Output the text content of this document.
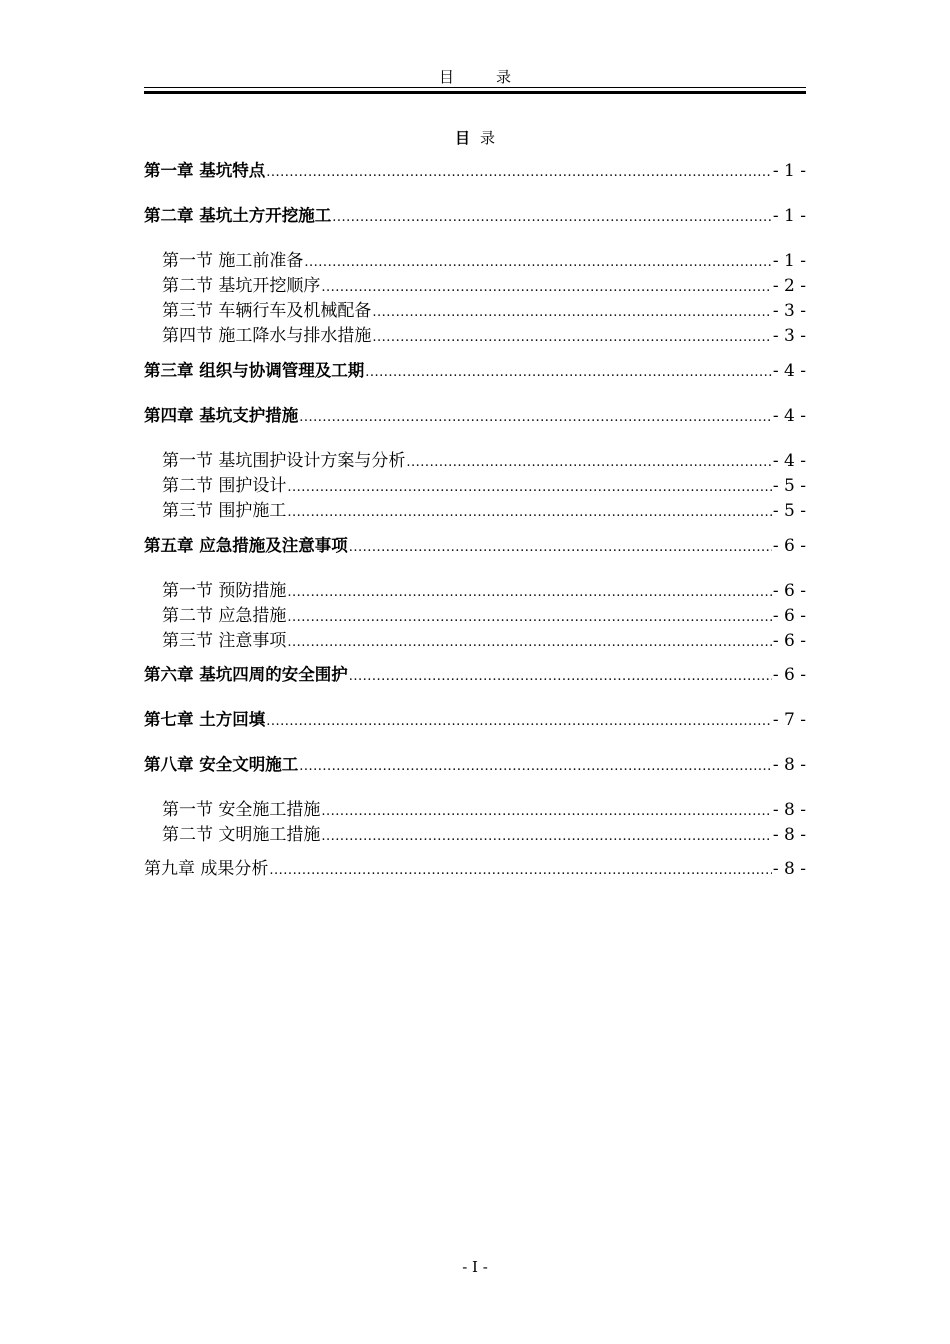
目录
目 录
第一章 基坑特点 .....	- 1 -
第二章 基坑土方开挖施工 .....	- 1 -
第一节 施工前准备 .....	- 1 -
第二节 基坑开挖顺序 .....	- 2 -
第三节 车辆行车及机械配备 .....	- 3 -
第四节 施工降水与排水措施 .....	- 3 -
第三章 组织与协调管理及工期 .....	- 4 -
第四章 基坑支护措施 .....	- 4 -
第一节 基坑围护设计方案与分析 .....	- 4 -
第二节 围护设计 .....	- 5 -
第三节 围护施工 .....	- 5 -
第五章 应急措施及注意事项 .....	- 6 -
第一节 预防措施 .....	- 6 -
第二节 应急措施 .....	- 6 -
第三节 注意事项 .....	- 6 -
第六章 基坑四周的安全围护 .....	- 6 -
第七章 土方回填 .....	- 7 -
第八章 安全文明施工 .....	- 8 -
第一节 安全施工措施 .....	- 8 -
第二节 文明施工措施 .....	- 8 -
第九章 成果分析 .....	- 8 -
- I -
